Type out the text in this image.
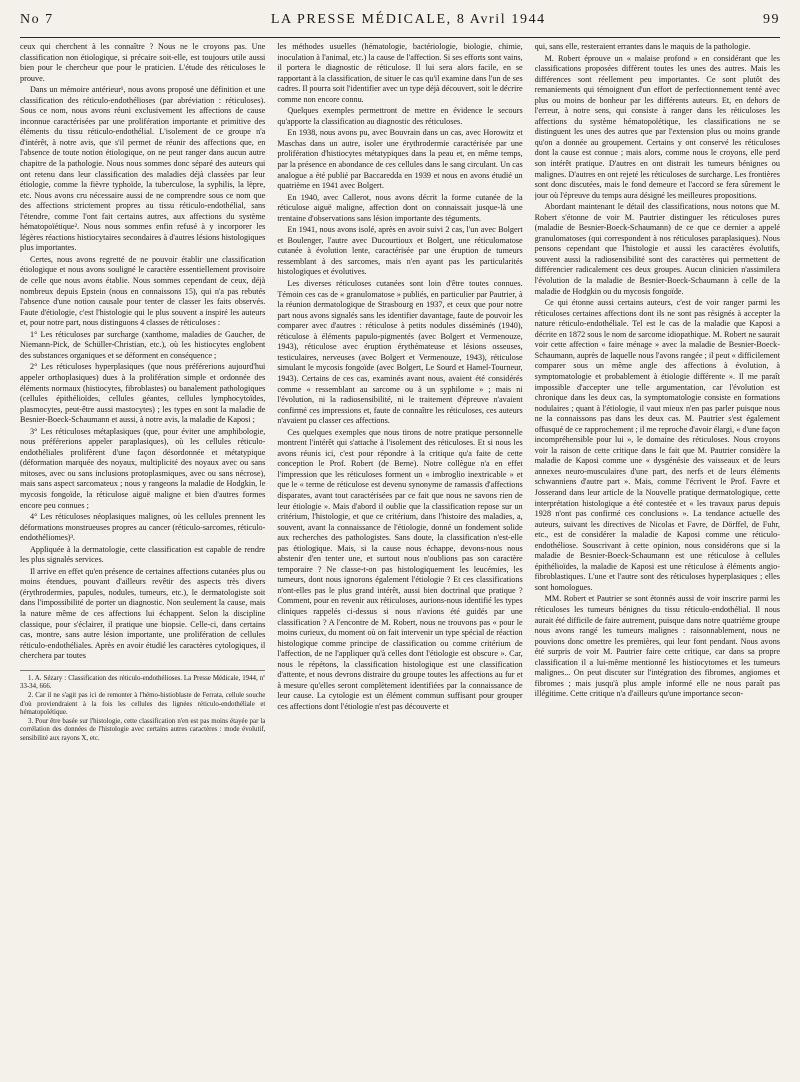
No 7	LA PRESSE MÉDICALE, 8 Avril 1944	99

ceux qui cherchent à les connaître ? Nous ne le croyons pas. Une classification non étiologique, si précaire soit-elle, est toujours utile aussi bien pour le chercheur que pour le praticien. L'étude des réticuloses le prouve.

Dans un mémoire antérieur¹, nous avons proposé une définition et une classification des réticulo-endothélioses (par abréviation : réticuloses). Sous ce nom, nous avons réuni exclusivement les affections de cause inconnue caractérisées par une prolifération importante et primitive des éléments du tissu réticulo-endothélial. L'isolement de ce groupe n'a d'intérêt, à notre avis, que s'il permet de réunir des affections que, en l'absence de toute notion étiologique, on ne peut ranger dans aucun autre chapitre de la pathologie. Nous nous sommes donc séparé des auteurs qui ont retenu dans leur classification des maladies déjà classées par leur étiologie, comme la fièvre typhoïde, la tuberculose, la syphilis, la lèpre, etc. Nous avons cru nécessaire aussi de ne comprendre sous ce nom que des affections strictement propres au tissu réticulo-endothélial, sans l'étendre, comme l'ont fait certains autres, aux affections du système hématopoïétique². Nous nous sommes enfin refusé à y incorporer les légères réactions histiocytaires secondaires à d'autres lésions histologiques plus importantes.

Certes, nous avons regretté de ne pouvoir établir une classification étiologique et nous avons souligné le caractère essentiellement provisoire de celle que nous avons établie. Nous sommes cependant de ceux, déjà nombreux depuis Epstein (nous en connaissons 15), qui n'a pas rebutés l'absence d'une notion causale pour tenter de classer les faits observés. Faute d'étiologie, c'est l'histologie qui le plus souvent a inspiré les auteurs et, pour notre part, nous distinguons 4 classes de réticuloses :

1° Les réticuloses par surcharge (xanthome, maladies de Gaucher, de Niemann-Pick, de Schüller-Christian, etc.), où les histiocytes englobent des substances organiques et se déforment en conséquence ;

2° Les réticuloses hyperplasiques (que nous préférerions aujourd'hui appeler orthoplasiques) dues à la prolifération simple et ordonnée des éléments normaux (histiocytes, fibroblastes) ou banalement pathologiques (cellules épithélioïdes, cellules géantes, cellules lymphocytoïdes, plasmocytes, peut-être aussi mastocytes) ; les types en sont la maladie de Besnier-Boeck-Schaumann et aussi, à notre avis, la maladie de Kaposi ;

3° Les réticuloses métaplasiques (que, pour éviter une amphibologie, nous préférerions appeler paraplasiques), où les cellules réticulo-endothéliales prolifèrent d'une façon désordonnée et métatypique (déformation marquée des noyaux, multiplicité des noyaux avec ou sans mitoses, avec ou sans inclusions protoplasmiques, avec ou sans nécrose), mais sans aspect sarcomateux ; nous y rangeons la maladie de Hodgkin, le mycosis fongoïde, la réticulose aiguë maligne et bien d'autres formes encore peu connues ;

4° Les réticuloses néoplasiques malignes, où les cellules prennent les déformations monstrueuses propres au cancer (réticulo-sarcomes, réticulo-endothéliomes)³.

Appliquée à la dermatologie, cette classification est capable de rendre les plus signalés services.

Il arrive en effet qu'en présence de certaines affections cutanées plus ou moins étendues, pouvant d'ailleurs revêtir des aspects très divers (érythrodermies, papules, nodules, tumeurs, etc.), le dermatologiste soit dans l'impossibilité de porter un diagnostic. Non seulement la cause, mais la nature même de ces affections lui échappent. Selon la discipline classique, pour s'éclairer, il pratique une biopsie. Celle-ci, dans certains cas, montre, sans autre lésion importante, une prolifération de cellules réticulo-endothéliales. Après en avoir étudié les caractères cytologiques, il cherchera par toutes

1. A. Sézary : Classification des réticulo-endothélioses. La Presse Médicale, 1944, nº 33-34, 666.

2. Car il ne s'agit pas ici de remonter à l'hémo-histioblaste de Ferrata, cellule souche d'où proviendraient à la fois les cellules des lignées réticulo-endothéliale et hématopoïétique.

3. Pour être basée sur l'histologie, cette classification n'en est pas moins étayée par la corrélation des données de l'histologie avec certains autres caractères : mode évolutif, sensibilité aux rayons X, etc.

les méthodes usuelles (hématologie, bactériologie, biologie, chimie, inoculation à l'animal, etc.) la cause de l'affection. Si ses efforts sont vains, il portera le diagnostic de réticulose. Il lui sera alors facile, en se rapportant à la classification, de situer le cas qu'il examine dans l'un de ses cadres. Il pourra soit l'identifier avec un type déjà découvert, soit le décrire comme non encore connu.

Quelques exemples permettront de mettre en évidence le secours qu'apporte la classification au diagnostic des réticuloses.

En 1938, nous avons pu, avec Bouvrain dans un cas, avec Horowitz et Maschas dans un autre, isoler une érythrodermie caractérisée par une prolifération d'histiocytes métatypiques dans la peau et, en même temps, par la présence en abondance de ces cellules dans le sang circulant. Un cas analogue a été publié par Baccaredda en 1939 et nous en avons étudié un quatrième en 1941 avec Bolgert.

En 1940, avec Callerot, nous avons décrit la forme cutanée de la réticulose aiguë maligne, affection dont on connaissait jusque-là une trentaine d'observations sans lésion importante des téguments.

En 1941, nous avons isolé, après en avoir suivi 2 cas, l'un avec Bolgert et Boulenger, l'autre avec Ducourtioux et Bolgert, une réticulomatose cutanée à évolution lente, caractérisée par une éruption de tumeurs ressemblant à des sarcomes, mais n'en ayant pas les particularités histologiques et évolutives.

Les diverses réticuloses cutanées sont loin d'être toutes connues. Témoin ces cas de « granulomatose » publiés, en particulier par Pautrier, à la réunion dermatologique de Strasbourg en 1937, et ceux que pour notre part nous avons signalés sans les identifier davantage, faute de pouvoir les comparer avec d'autres : réticulose à petits nodules disséminés (1940), réticulose à éléments papulo-pigmentés (avec Bolgert et Vermenouze, 1943), réticulose avec éruption érythémateuse et lésions osseuses, testiculaires, nerveuses (avec Bolgert et Vermenouze, 1943), réticulose simulant le mycosis fongoïde (avec Bolgert, Le Sourd et Hamel-Tourneur, 1943). Certains de ces cas, examinés avant nous, avaient été considérés comme « ressemblant au sarcome ou à un syphilome » ; mais ni l'évolution, ni la radiosensibilité, ni le traitement d'épreuve n'avaient confirmé ces impressions et, faute de connaître les réticuloses, ces auteurs n'avaient pu classer ces affections.

Ces quelques exemples que nous tirons de notre pratique personnelle montrent l'intérêt qui s'attache à l'isolement des réticuloses. Et si nous les avons réunis ici, c'est pour répondre à la critique qu'a faite de cette conception le Prof. Robert (de Berne). Notre collègue n'a en effet l'impression que les réticuloses forment un « imbroglio inextricable » et que le « terme de réticulose est devenu synonyme de ramassis d'affections disparates, avant tout caractérisées par ce fait que nous ne savons rien de leur étiologie ». Mais d'abord il oublie que la classification repose sur un critérium, l'histologie, et que ce critérium, dans l'histoire des maladies, a, souvent, avant la connaissance de l'étiologie, donné un fondement solide aux recherches des pathologistes. Sans doute, la classification n'est-elle pas étiologique. Mais, si la cause nous échappe, devons-nous nous abstenir d'en tenter une, et surtout nous n'oublions pas son caractère temporaire ? Ne classe-t-on pas histologiquement les leucémies, les tumeurs, dont nous ignorons également l'étiologie ? Et ces classifications n'ont-elles pas le plus grand intérêt, aussi bien doctrinal que pratique ? Comment, pour en revenir aux réticuloses, aurions-nous identifié les types cliniques rappelés ci-dessus si nous n'avions été guidés par une classification ? A l'encontre de M. Robert, nous ne trouvons pas « pour le moins curieux, du moment où on fait intervenir un type spécial de réaction histologique comme principe de classification ou comme critérium de l'affection, de ne l'appliquer qu'à celles dont l'étiologie est obscure ». Car, nous le répétons, la classification histologique est une classification d'attente, et nous devrons distraire du groupe toutes les affections au fur et à mesure qu'elles seront complètement identifiées par la connaissance de leur cause. La cytologie est un élément commun suffisant pour grouper ces affections dont l'étiologie n'est pas découverte et

qui, sans elle, resteraient errantes dans le maquis de la pathologie.

M. Robert éprouve un « malaise profond » en considérant que les classifications proposées diffèrent toutes les unes des autres. Mais les différences sont réellement peu importantes. Ce sont plutôt des remaniements qui témoignent d'un effort de perfectionnement tenté avec plus ou moins de bonheur par les différents auteurs. Et, en dehors de l'erreur, à notre sens, qui consiste à ranger dans les réticuloses les affections du système hématopoïétique, les classifications ne se distinguent les unes des autres que par l'extension plus ou moins grande qu'on a donnée au groupement. Certains y ont conservé les réticuloses dont la cause est connue ; mais alors, comme nous le croyons, elle perd son intérêt pratique. D'autres en ont distrait les tumeurs bénignes ou malignes. D'autres en ont rejeté les réticuloses de surcharge. Les frontières sont donc discutées, mais le fond demeure et l'accord se fera sûrement le jour où l'épreuve du temps aura désigné les meilleures propositions.

Abordant maintenant le détail des classifications, nous notons que M. Robert s'étonne de voir M. Pautrier distinguer les réticuloses pures (maladie de Besnier-Boeck-Schaumann) de ce que ce dernier a appelé granulomatoses (qui correspondent à nos réticuloses paraplasiques). Nous pensons cependant que l'histologie et aussi les caractères évolutifs, souvent aussi la radiosensibilité sont des caractères qui permettent de différencier radicalement ces deux groupes. Aucun clinicien n'assimilera l'évolution de la maladie de Besnier-Boeck-Schaumann à celle de la maladie de Hodgkin ou du mycosis fongoïde.

Ce qui étonne aussi certains auteurs, c'est de voir ranger parmi les réticuloses certaines affections dont ils ne sont pas résignés à accepter la nature réticulo-endothéliale. Tel est le cas de la maladie que Kaposi a décrite en 1872 sous le nom de sarcome idiopathique. M. Robert ne saurait voir cette affection « faire ménage » avec la maladie de Besnier-Boeck-Schaumann, auprès de laquelle nous l'avons rangée ; il peut « difficilement comparer sous un même angle des affections à évolution, à symptomatologie et probablement à étiologie différente ». Il me paraît impossible d'accepter une telle argumentation, car l'évolution est chronique dans les deux cas, la symptomatologie consiste en formations nodulaires ; quant à l'étiologie, il vaut mieux n'en pas parler puisque nous ne la connaissons pas dans les deux cas. M. Pautrier s'est également offusqué de ce rapprochement ; il me reproche d'avoir élargi, « d'une façon incompréhensible pour lui », le domaine des réticuloses. Nous croyons voir la raison de cette critique dans le fait que M. Pautrier considère la maladie de Kaposi comme une « dysgénésie des vaisseaux et de leurs annexes neuro-musculaires d'une part, des nerfs et de leurs éléments schwanniens d'autre part ». Mais, comme l'écrivent le Prof. Favre et Josserand dans leur article de la Nouvelle pratique dermatologique, cette interprétation histologique a été contestée et « les travaux parus depuis 1928 n'ont pas confirmé ces conclusions ». La tendance actuelle des auteurs, suivant les directives de Nicolas et Favre, de Dörffel, de Fuhr, etc., est de considérer la maladie de Kaposi comme une réticulo-endothéliose. Souscrivant à cette opinion, nous considérons que si la maladie de Besnier-Boeck-Schaumann est une réticulose à cellules épithélioïdes, la maladie de Kaposi est une réticulose à éléments angio-fibroblastiques. L'une et l'autre sont des réticuloses hyperplasiques ; elles sont homologues.

MM. Robert et Pautrier se sont étonnés aussi de voir inscrire parmi les réticuloses les tumeurs bénignes du tissu réticulo-endothélial. Il nous aurait été difficile de faire autrement, puisque dans notre quatrième groupe nous avons rangé les tumeurs malignes : raisonnablement, nous ne pouvions donc omettre les premières, qui leur font pendant. Nous avons été surpris de voir M. Pautrier faire cette critique, car dans sa propre classification il a lui-même mentionné les histiocytomes et les tumeurs malignes... On peut discuter sur l'intégration des fibromes, angiomes et fibromes ; mais jusqu'à plus ample informé elle ne nous paraît pas illégitime. Cette critique n'a d'ailleurs qu'une importance secon-
